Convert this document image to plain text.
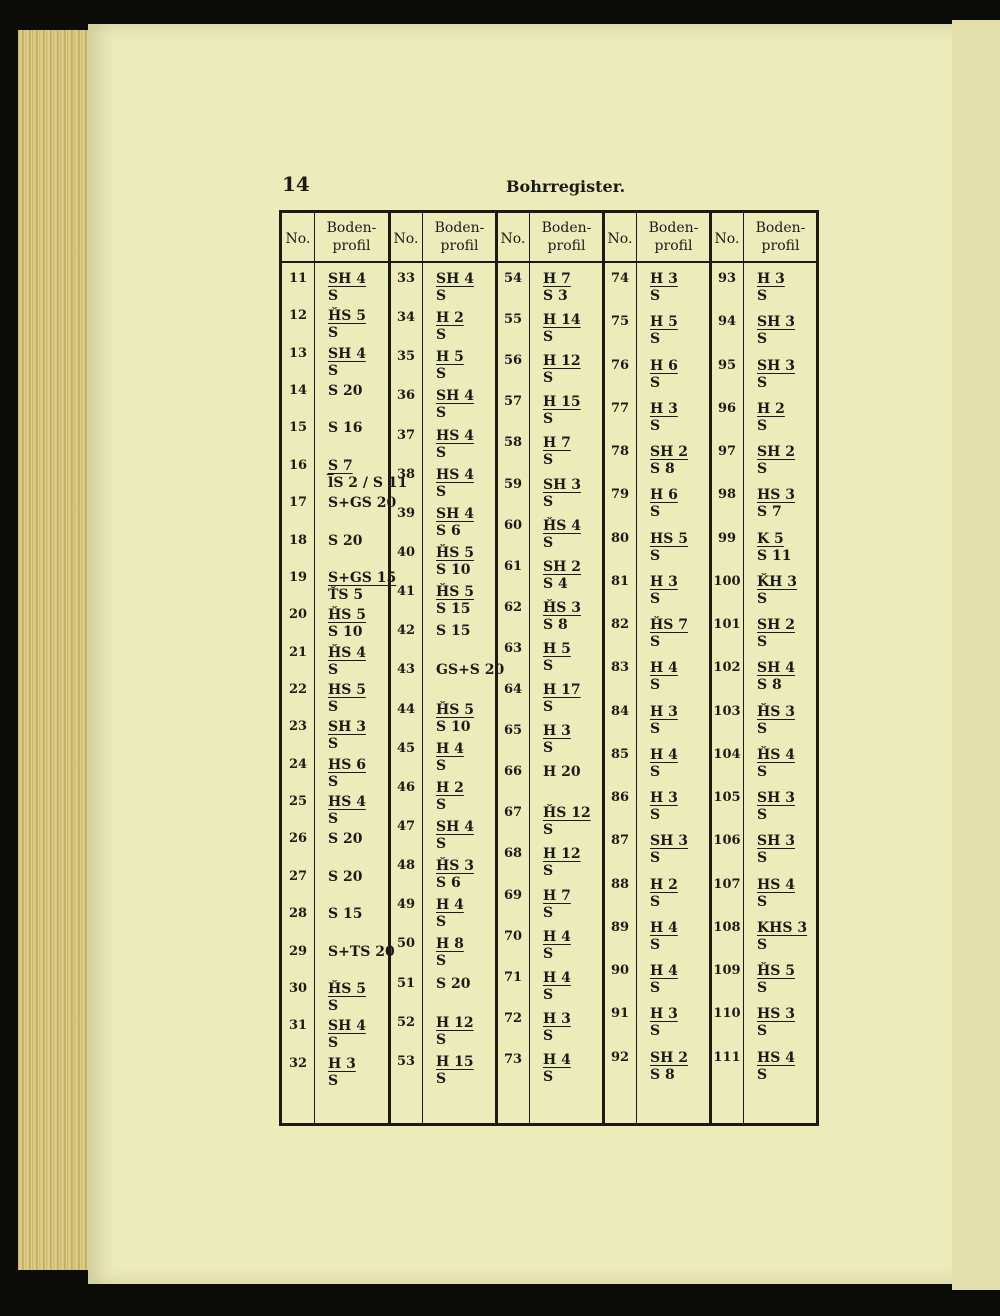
14	Bohrregister.
No.
Boden-
profil	No.
Boden-
profil	No.
Boden-
profil	No.
Boden-
profil	No.
Boden-
profil
11	SH 4
S
12	ȞS 5
S
13	SH 4
S
14	S 20
15	S 16
16	S 7
l̅S 2 / S 11
17	S+GS 20
18	S 20
19	S+GS 15
T̆S 5
20	ȞS 5
S 10
21	ȞS 4
S
22	HS 5
S
23	SH 3
S
24	HS 6
S
25	HS 4
S
26	S 20
27	S 20
28	S 15
29	S+TS 20
30	ȞS 5
S
31	SH 4
S
32	H 3
S
33	SH 4
S
34	H 2
S
35	H 5
S
36	SH 4
S
37	HS 4
S
38	HS 4
S
39	SH 4
S 6
40	ȞS 5
S 10
41	ȞS 5
S 15
42	S 15
43	GS+S 20
44	ȞS 5
S 10
45	H 4
S
46	H 2
S
47	SH 4
S
48	ȞS 3
S 6
49	H 4
S
50	H 8
S
51	S 20
52	H 12
S
53	H 15
S
54	H 7
S 3
55	H 14
S
56	H 12
S
57	H 15
S
58	H 7
S
59	SH 3
S
60	ȞS 4
S
61	SH 2
S 4
62	ȞS 3
S 8
63	H 5
S
64	H 17
S
65	H 3
S
66	H 20
67	ȞS 12
S
68	H 12
S
69	H 7
S
70	H 4
S
71	H 4
S
72	H 3
S
73	H 4
S
74	H 3
S
75	H 5
S
76	H 6
S
77	H 3
S
78	SH 2
S 8
79	H 6
S
80	HS 5
S
81	H 3
S
82	ȞS 7
S
83	H 4
S
84	H 3
S
85	H 4
S
86	H 3
S
87	SH 3
S
88	H 2
S
89	H 4
S
90	H 4
S
91	H 3
S
92	SH 2
S 8
93	H 3
S
94	SH 3
S
95	SH 3
S
96	H 2
S
97	SH 2
S
98	HS 3
S 7
99	K 5
S 11
100 ǨH 3
S
101 SH 2
S
102 SH 4
S 8
103 ȞS 3
S
104 ȞS 4
S
105 SH 3
S
106 SH 3
S
107 HS 4
S
108 KHS 3
S
109 ȞS 5
S
110 HS 3
S
111 HS 4
S
